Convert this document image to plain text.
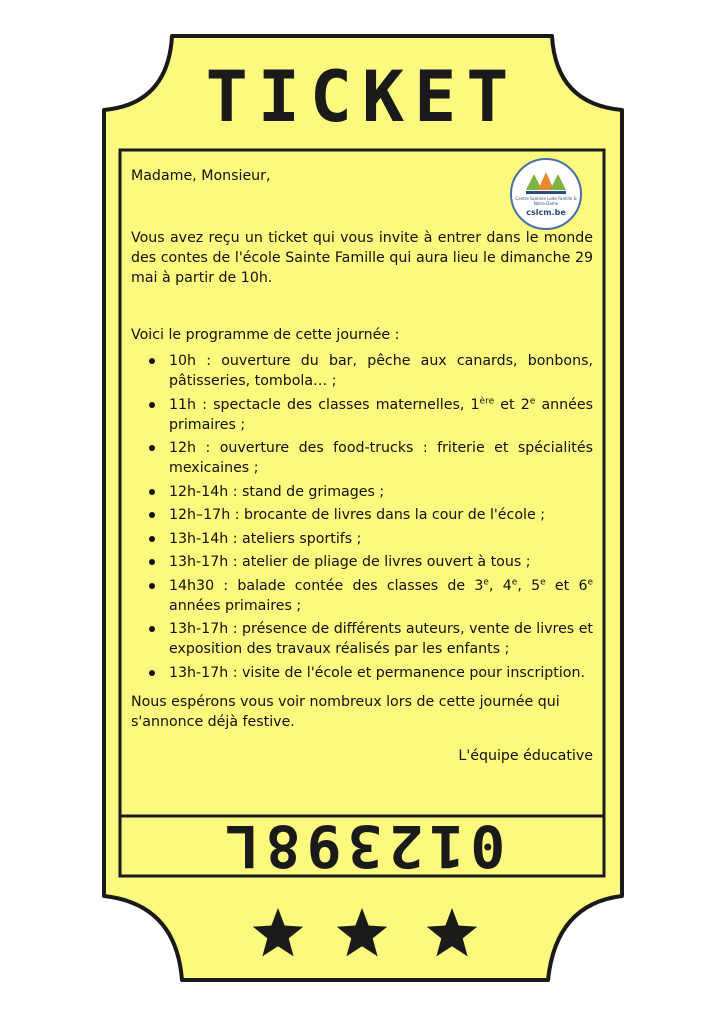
TICKET
Centre Scolaire Lode Famille & Notre-Dame
cslcm.be

Madame, Monsieur,

Vous avez reçu un ticket qui vous invite à entrer dans le monde des contes de l'école Sainte Famille qui aura lieu le dimanche 29 mai à partir de 10h.

Voici le programme de cette journée :

10h : ouverture du bar, pêche aux canards, bonbons, pâtisseries, tombola… ;
11h : spectacle des classes maternelles, 1ère et 2e années primaires ;
12h : ouverture des food-trucks : friterie et spécialités mexicaines ;
12h-14h : stand de grimages ;
12h–17h : brocante de livres dans la cour de l'école ;
13h-14h : ateliers sportifs ;
13h-17h : atelier de pliage de livres ouvert à tous ;
14h30 : balade contée des classes de 3e, 4e, 5e et 6e années primaires ;
13h-17h : présence de différents auteurs, vente de livres et exposition des travaux réalisés par les enfants ;
13h-17h : visite de l'école et permanence pour inscription.

Nous espérons vous voir nombreux lors de cette journée qui s'annonce déjà festive.

L'équipe éducative

012398L
